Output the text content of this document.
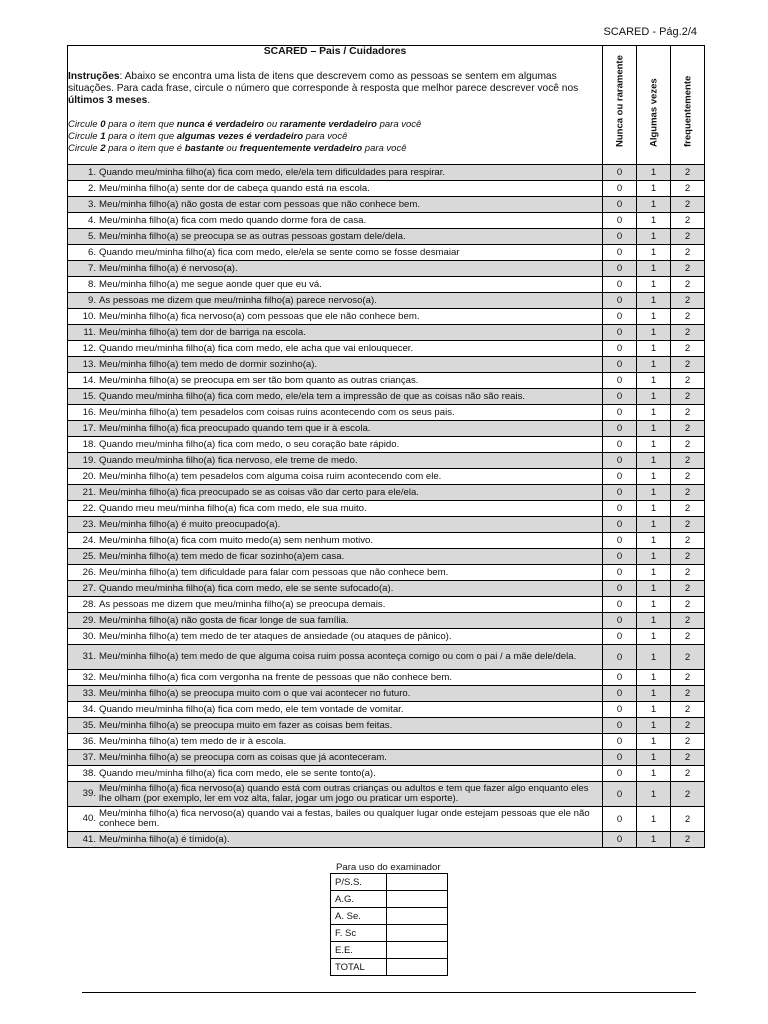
SCARED - Pág.2/4
SCARED – Pais / Cuidadores
Instruções: Abaixo se encontra uma lista de itens que descrevem como as pessoas se sentem em algumas situações. Para cada frase, circule o número que corresponde à resposta que melhor parece descrever você nos últimos 3 meses.
Circule 0 para o item que nunca é verdadeiro ou raramente verdadeiro para você
Circule 1 para o item que algumas vezes é verdadeiro para você
Circule 2 para o item que é bastante ou frequentemente verdadeiro para você	Nunca ou raramente	Algumas vezes	frequentemente

1. Quando meu/minha filho(a) fica com medo, ele/ela tem dificuldades para respirar.	0	1	2

2. Meu/minha filho(a) sente dor de cabeça quando está na escola.	0	1	2

3. Meu/minha filho(a) não gosta de estar com pessoas que não conhece bem.	0	1	2

4. Meu/minha filho(a) fica com medo quando dorme fora de casa.	0	1	2

5. Meu/minha filho(a) se preocupa se as outras pessoas gostam dele/dela.	0	1	2

6. Quando meu/minha filho(a) fica com medo, ele/ela se sente como se fosse desmaiar	0	1	2

7. Meu/minha filho(a) é nervoso(a).	0	1	2

8. Meu/minha filho(a) me segue aonde quer que eu vá.	0	1	2

9. As pessoas me dizem que meu/minha filho(a) parece nervoso(a).	0	1	2

10. Meu/minha filho(a) fica nervoso(a) com pessoas que ele não conhece bem.	0	1	2

11. Meu/minha filho(a) tem dor de barriga na escola.	0	1	2

12. Quando meu/minha filho(a) fica com medo, ele acha que vai enlouquecer.	0	1	2

13. Meu/minha filho(a) tem medo de dormir sozinho(a).	0	1	2

14. Meu/minha filho(a) se preocupa em ser tão bom quanto as outras crianças.	0	1	2

15. Quando meu/minha filho(a) fica com medo, ele/ela tem a impressão de que as coisas não são reais.	0	1	2

16. Meu/minha filho(a) tem pesadelos com coisas ruins acontecendo com os seus pais.	0	1	2

17. Meu/minha filho(a) fica preocupado quando tem que ir à escola.	0	1	2

18. Quando meu/minha filho(a) fica com medo, o seu coração bate rápido.	0	1	2

19. Quando meu/minha filho(a) fica nervoso, ele treme de medo.	0	1	2

20. Meu/minha filho(a) tem pesadelos com alguma coisa ruim acontecendo com ele.	0	1	2

21. Meu/minha filho(a) fica preocupado se as coisas vão dar certo para ele/ela.	0	1	2

22. Quando meu meu/minha filho(a) fica com medo, ele sua muito.	0	1	2

23. Meu/minha filho(a) é muito preocupado(a).	0	1	2

24. Meu/minha filho(a) fica com muito medo(a) sem nenhum motivo.	0	1	2

25. Meu/minha filho(a) tem medo de ficar sozinho(a)em casa.	0	1	2

26. Meu/minha filho(a) tem dificuldade para falar com pessoas que não conhece bem.	0	1	2

27. Quando meu/minha filho(a) fica com medo, ele se sente sufocado(a).	0	1	2

28. As pessoas me dizem que meu/minha filho(a) se preocupa demais.	0	1	2

29. Meu/minha filho(a) não gosta de ficar longe de sua família.	0	1	2

30. Meu/minha filho(a) tem medo de ter ataques de ansiedade (ou ataques de pânico).	0	1	2

31. Meu/minha filho(a) tem medo de que alguma coisa ruim possa aconteça comigo ou com o pai / a mãe dele/dela.	0	1	2

32. Meu/minha filho(a) fica com vergonha na frente de pessoas que não conhece bem.	0	1	2

33. Meu/minha filho(a) se preocupa muito com o que vai acontecer no futuro.	0	1	2

34. Quando meu/minha filho(a) fica com medo, ele tem vontade de vomitar.	0	1	2

35. Meu/minha filho(a) se preocupa muito em fazer as coisas bem feitas.	0	1	2

36. Meu/minha filho(a) tem medo de ir à escola.	0	1	2

37. Meu/minha filho(a) se preocupa com as coisas que já aconteceram.	0	1	2

38. Quando meu/minha filho(a) fica com medo, ele se sente tonto(a).	0	1	2

39. Meu/minha filho(a) fica nervoso(a) quando está com outras crianças ou adultos e tem que fazer algo enquanto eles lhe olham (por exemplo, ler em voz alta, falar, jogar um jogo ou praticar um esporte).	0	1	2

40. Meu/minha filho(a) fica nervoso(a) quando vai a festas, bailes ou qualquer lugar onde estejam pessoas que ele não conhece bem.	0	1	2

41. Meu/minha filho(a) é tímido(a).	0	1	2
Para uso do examinador
P/S.S.	
A.G.	
A. Se.	
F. Sc	
E.E.	
TOTAL	
